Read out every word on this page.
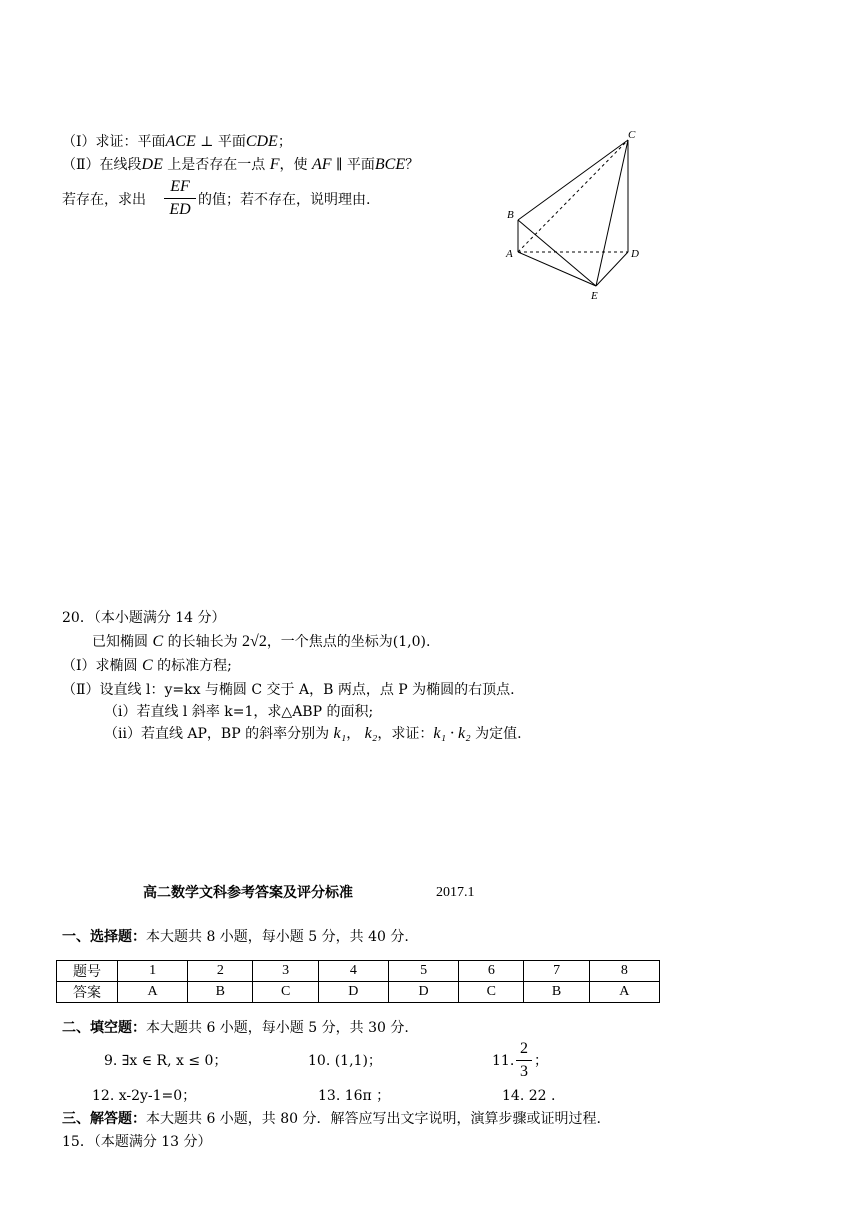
（Ⅰ）求证：平面ACE ⊥ 平面CDE；
（Ⅱ）在线段DE 上是否存在一点 F，使 AF ∥ 平面BCE？
若存在，求出
EF
ED
的值；若不存在，说明理由.
C
B
A	D
E
20．（本小题满分 14 分）
已知椭圆 C 的长轴长为 2√2，一个焦点的坐标为(1,0).
（Ⅰ）求椭圆 C 的标准方程;
（Ⅱ）设直线 l：y=kx 与椭圆 C 交于 A，B 两点，点 P 为椭圆的右顶点.
（ⅰ）若直线 l 斜率 k=1，求△ABP 的面积;
（ⅱ）若直线 AP，BP 的斜率分别为 k₁， k₂，求证：k₁ · k₂ 为定值.
高二数学文科参考答案及评分标准	2017.1
一、选择题：本大题共 8 小题，每小题 5 分，共 40 分.
题号	1	2	3	4	5	6	7	8
答案	A	B	C	D	D	C	B	A
二、填空题：本大题共 6 小题，每小题 5 分，共 30 分.
9. ∃x ∈ R, x ≤ 0；	10. (1,1)；	11.
2
3
；
12. x-2y-1=0；	13. 16π ；	14. 22 .
三、解答题：本大题共 6 小题，共 80 分．解答应写出文字说明，演算步骤或证明过程.
15．（本题满分 13 分）
